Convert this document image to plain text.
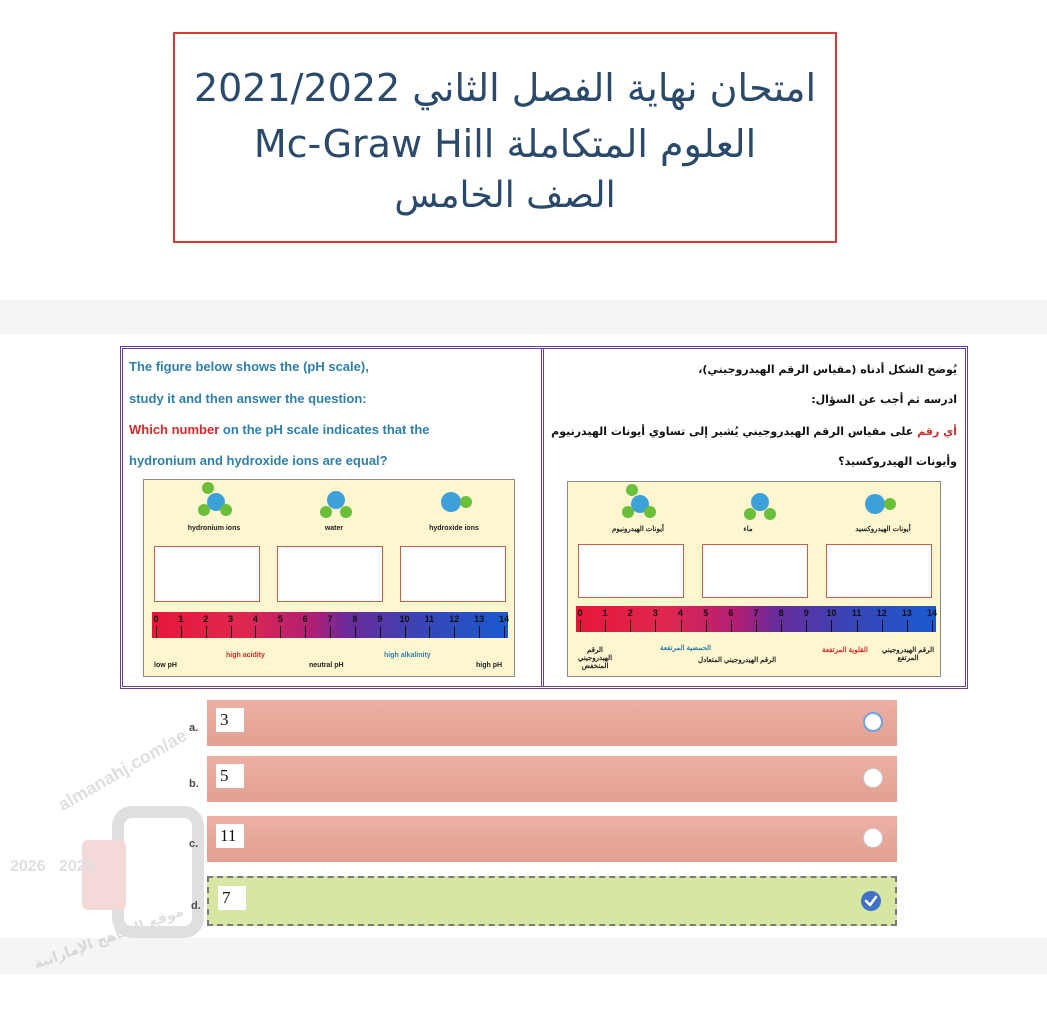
امتحان نهاية الفصل الثاني 2021/2022
العلوم المتكاملة Mc-Graw Hill
الصف الخامس
The figure below shows the (pH scale),
study it and then answer the question:
Which number on the pH scale indicates that the
hydronium and hydroxide ions are equal?
يُوضح الشكل أدناه (مقياس الرقم الهيدروجيني)،
ادرسه ثم أجب عن السؤال:
أي رقم على مقياس الرقم الهيدروجيني يُشير إلى تساوي أيونات الهيدرنيوم
وأيونات الهيدروكسيد؟
hydronium ions	water	hydroxide ions
low pH
high acidity
neutral pH
high alkalinity
high pH
0 1 2 3 4 5 6 7 8 9 10 11 12 13 14
أيونات الهيدرونيوم	ماء	أيونات الهيدروكسيد
الرقم الهيدروجيني المنخفض
الحمضية المرتفعة
الرقم الهيدروجيني المتعادل
القلوية المرتفعة الرقم الهيدروجيني المرتفع
0 1 2 3 4 5 6 7 8 9 10 11 12 13 14
a. 3
b. 5
c. 11
d. 7
almanahj.com/ae
2026   2025
موقع المناهج الإماراتية
